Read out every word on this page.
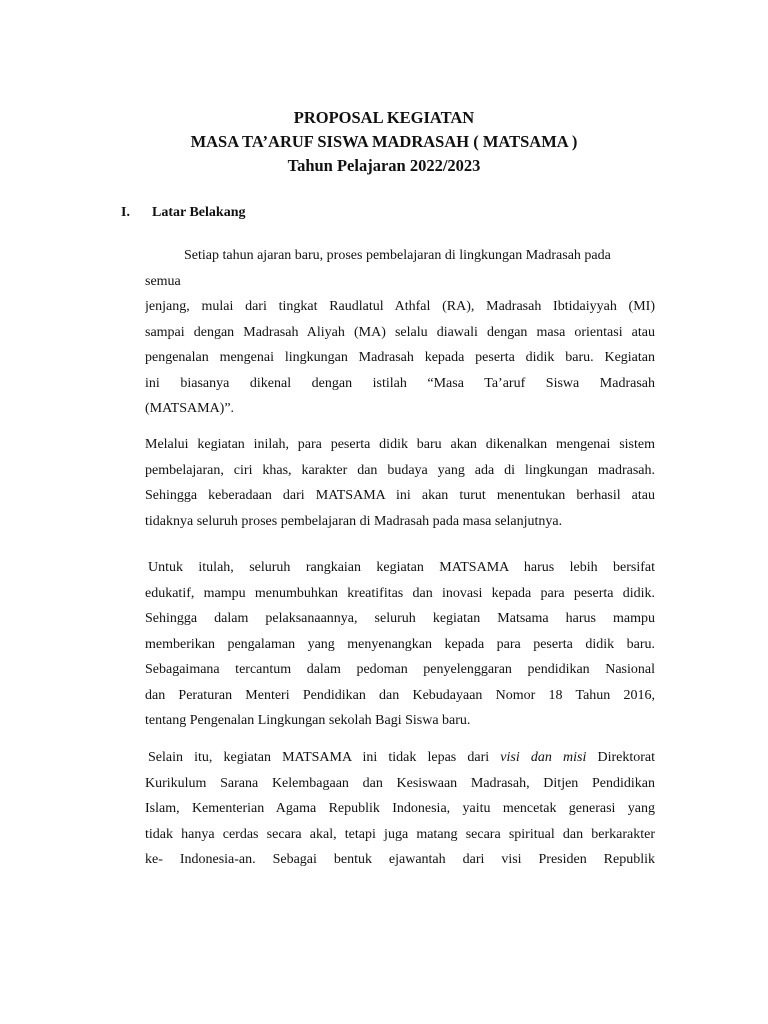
PROPOSAL KEGIATAN
MASA TA’ARUF SISWA MADRASAH ( MATSAMA )
Tahun Pelajaran 2022/2023
I. Latar Belakang
Setiap tahun ajaran baru, proses pembelajaran di lingkungan Madrasah pada
semua
jenjang, mulai dari tingkat Raudlatul Athfal (RA), Madrasah Ibtidaiyyah (MI)
sampai dengan Madrasah Aliyah (MA) selalu diawali dengan masa orientasi atau
pengenalan mengenai lingkungan Madrasah kepada peserta didik baru. Kegiatan
ini biasanya dikenal dengan istilah “Masa Ta’aruf Siswa Madrasah
(MATSAMA)”.
Melalui kegiatan inilah, para peserta didik baru akan dikenalkan mengenai sistem
pembelajaran, ciri khas, karakter dan budaya yang ada di lingkungan madrasah.
Sehingga keberadaan dari MATSAMA ini akan turut menentukan berhasil atau
tidaknya seluruh proses pembelajaran di Madrasah pada masa selanjutnya.
Untuk itulah, seluruh rangkaian kegiatan MATSAMA harus lebih bersifat
edukatif, mampu menumbuhkan kreatifitas dan inovasi kepada para peserta didik.
Sehingga dalam pelaksanaannya, seluruh kegiatan Matsama harus mampu
memberikan pengalaman yang menyenangkan kepada para peserta didik baru.
Sebagaimana tercantum dalam pedoman penyelenggaran pendidikan Nasional
dan Peraturan Menteri Pendidikan dan Kebudayaan Nomor 18 Tahun 2016,
tentang Pengenalan Lingkungan sekolah Bagi Siswa baru.
Selain itu, kegiatan MATSAMA ini tidak lepas dari visi dan misi Direktorat
Kurikulum Sarana Kelembagaan dan Kesiswaan Madrasah, Ditjen Pendidikan
Islam, Kementerian Agama Republik Indonesia, yaitu mencetak generasi yang
tidak hanya cerdas secara akal, tetapi juga matang secara spiritual dan berkarakter
ke- Indonesia-an. Sebagai bentuk ejawantah dari visi Presiden Republik
